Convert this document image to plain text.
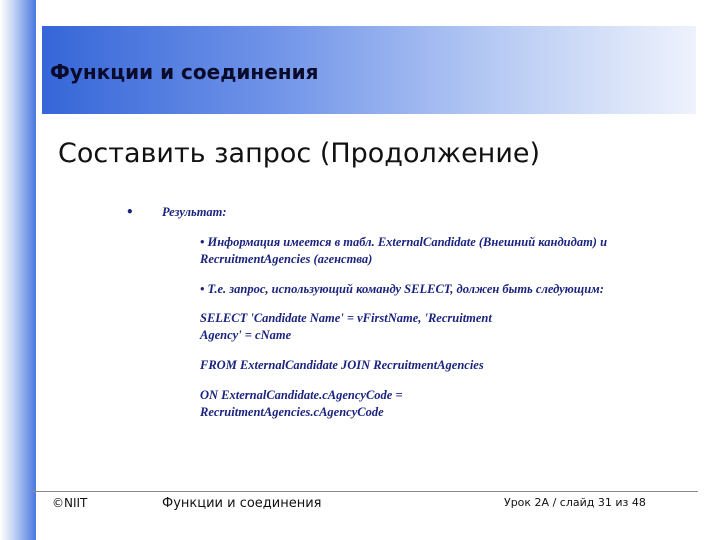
Функции и соединения
Составить запрос (Продолжение)
• Результат:
• Информация имеется в табл. ExternalCandidate (Внешний кандидат) и RecruitmentAgencies (агенства)
• Т.е. запрос, использующий команду SELECT, должен быть следующим:
SELECT 'Candidate Name' = vFirstName, 'Recruitment Agency' = cName
FROM ExternalCandidate JOIN RecruitmentAgencies
ON ExternalCandidate.cAgencyCode = RecruitmentAgencies.cAgencyCode
©NIIT	Функции и соединения	Урок 2A / слайд 31 из 48
